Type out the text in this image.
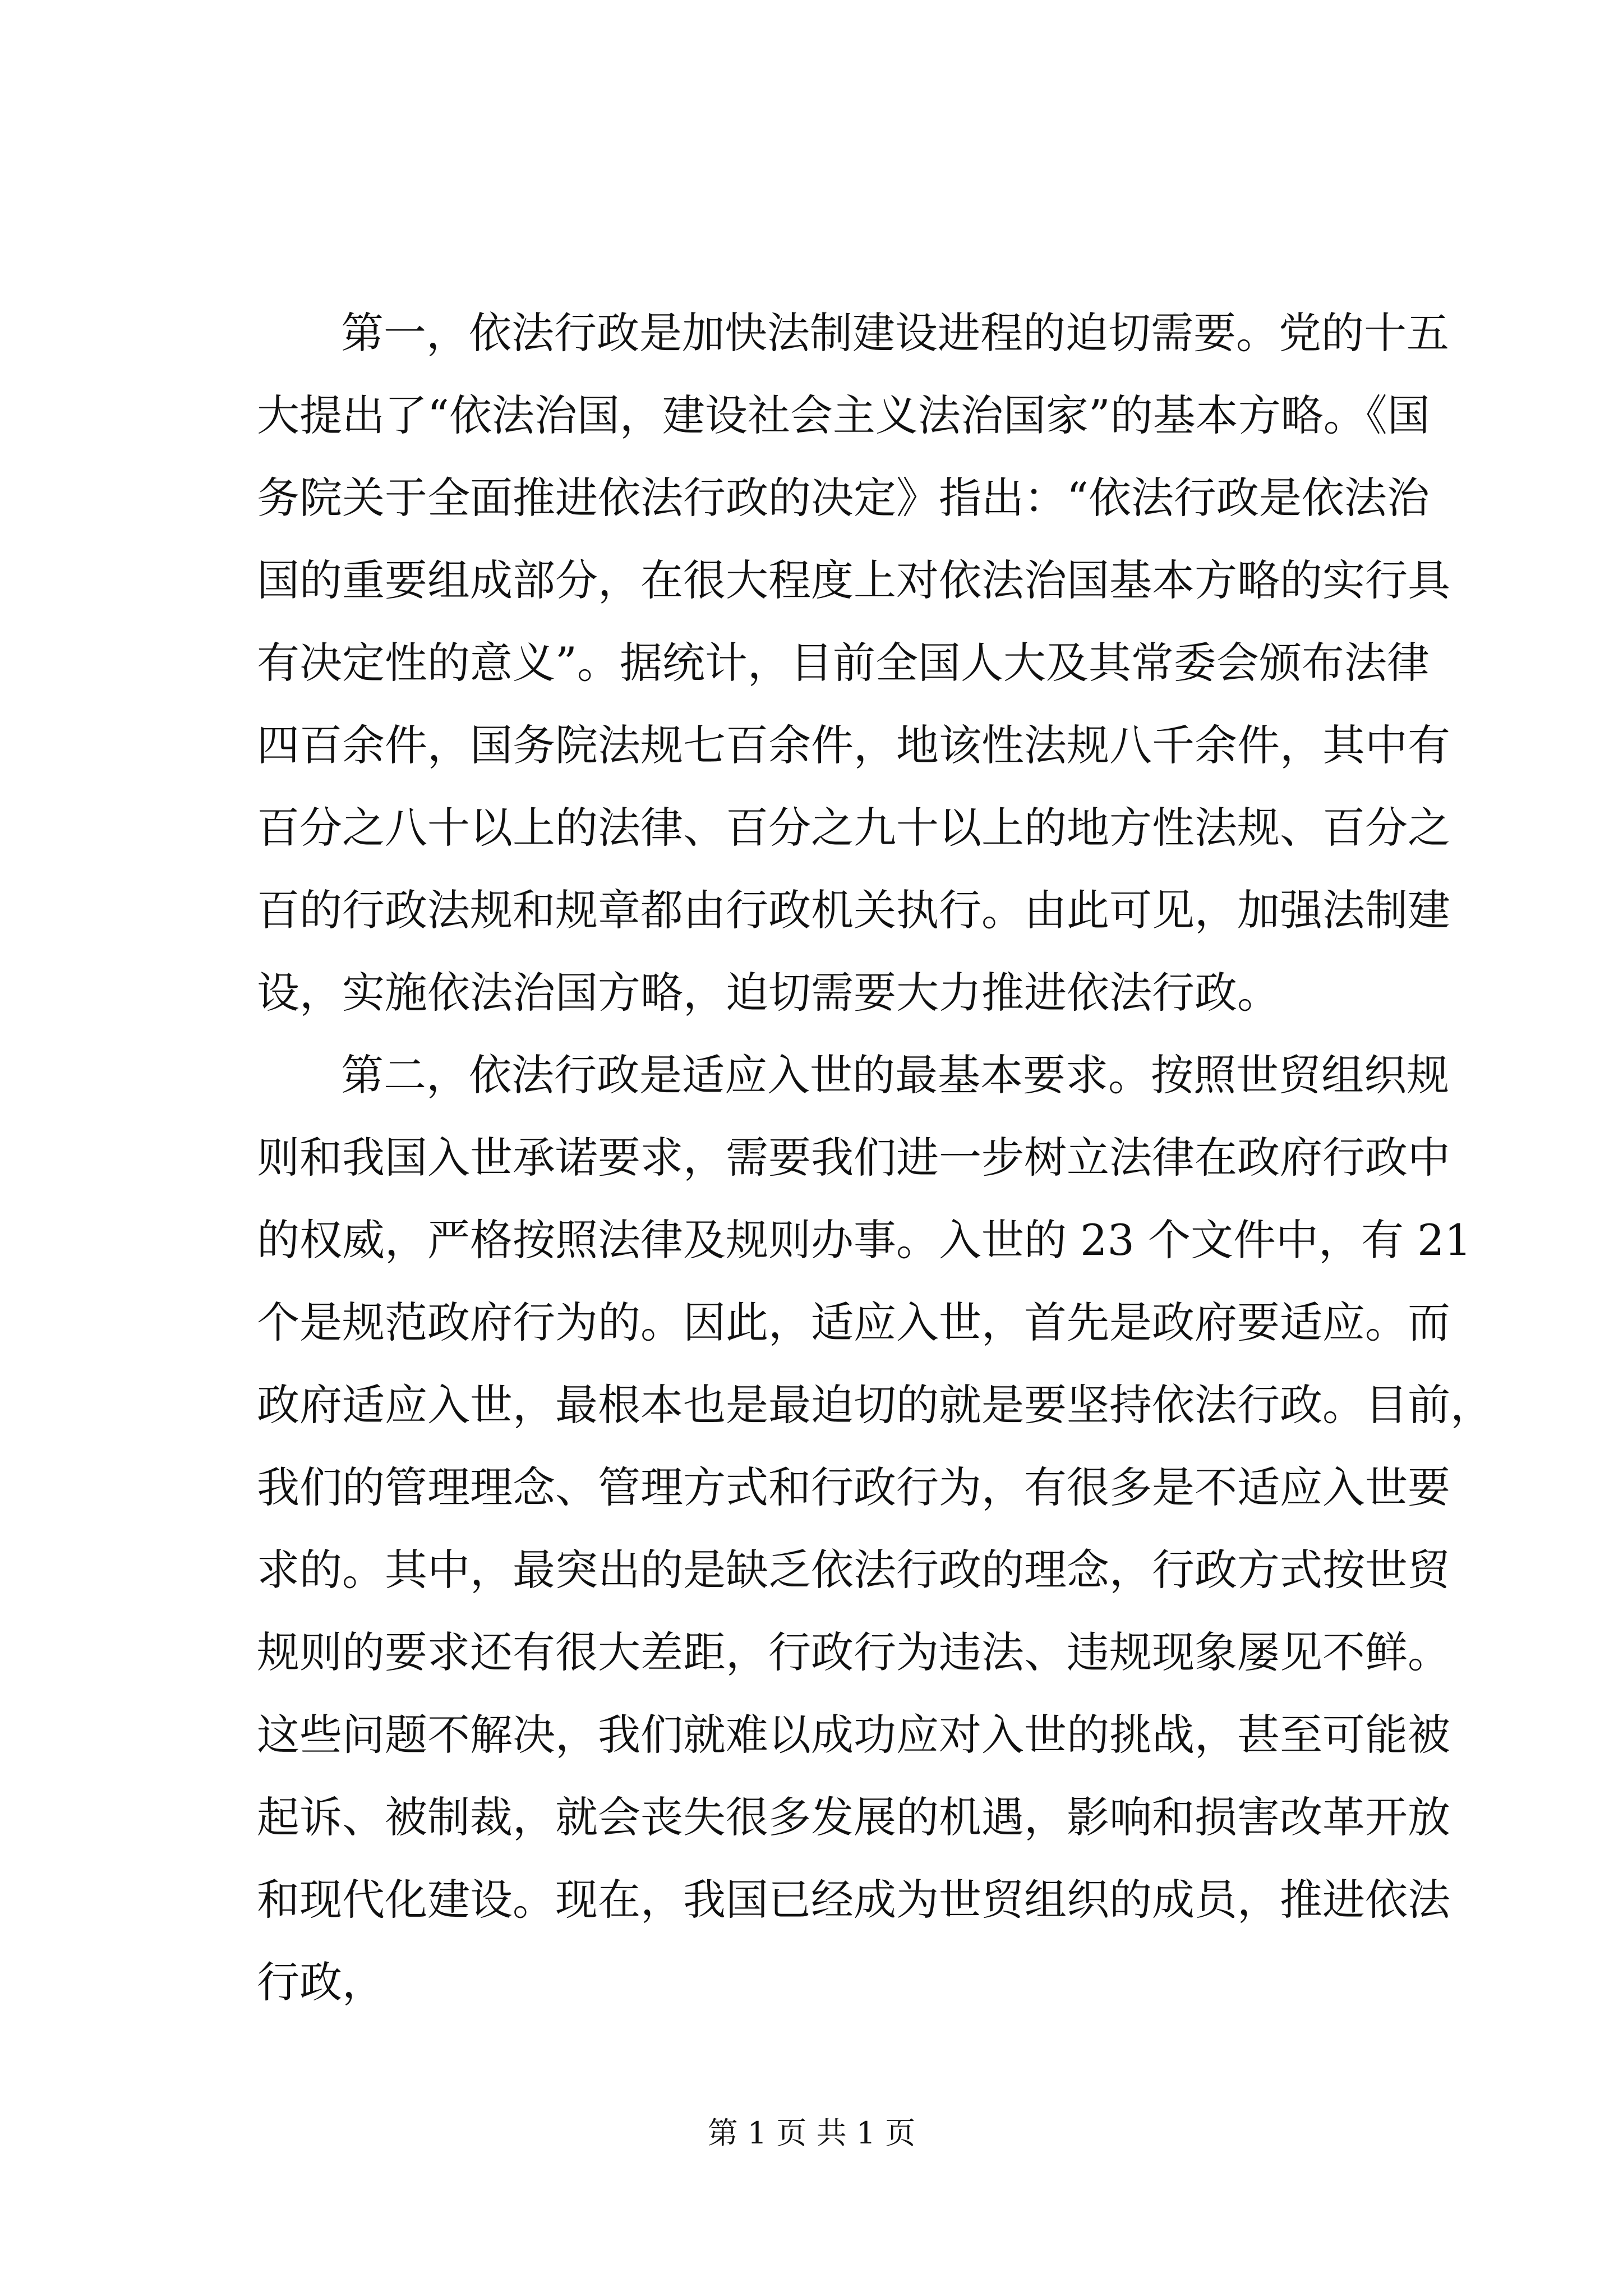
第一，依法行政是加快法制建设进程的迫切需要。党的十五
大提出了“依法治国，建设社会主义法治国家”的基本方略。《国
务院关于全面推进依法行政的决定》指出：“依法行政是依法治
国的重要组成部分，在很大程度上对依法治国基本方略的实行具
有决定性的意义”。据统计，目前全国人大及其常委会颁布法律
四百余件，国务院法规七百余件，地该性法规八千余件，其中有
百分之八十以上的法律、百分之九十以上的地方性法规、百分之
百的行政法规和规章都由行政机关执行。由此可见，加强法制建
设，实施依法治国方略，迫切需要大力推进依法行政。
第二，依法行政是适应入世的最基本要求。按照世贸组织规
则和我国入世承诺要求，需要我们进一步树立法律在政府行政中
的权威，严格按照法律及规则办事。入世的 23 个文件中，有 21
个是规范政府行为的。因此，适应入世，首先是政府要适应。而
政府适应入世，最根本也是最迫切的就是要坚持依法行政。目前，
我们的管理理念、管理方式和行政行为，有很多是不适应入世要
求的。其中，最突出的是缺乏依法行政的理念，行政方式按世贸
规则的要求还有很大差距，行政行为违法、违规现象屡见不鲜。
这些问题不解决，我们就难以成功应对入世的挑战，甚至可能被
起诉、被制裁，就会丧失很多发展的机遇，影响和损害改革开放
和现代化建设。现在，我国已经成为世贸组织的成员，推进依法
行政，
第 1 页 共 1 页
